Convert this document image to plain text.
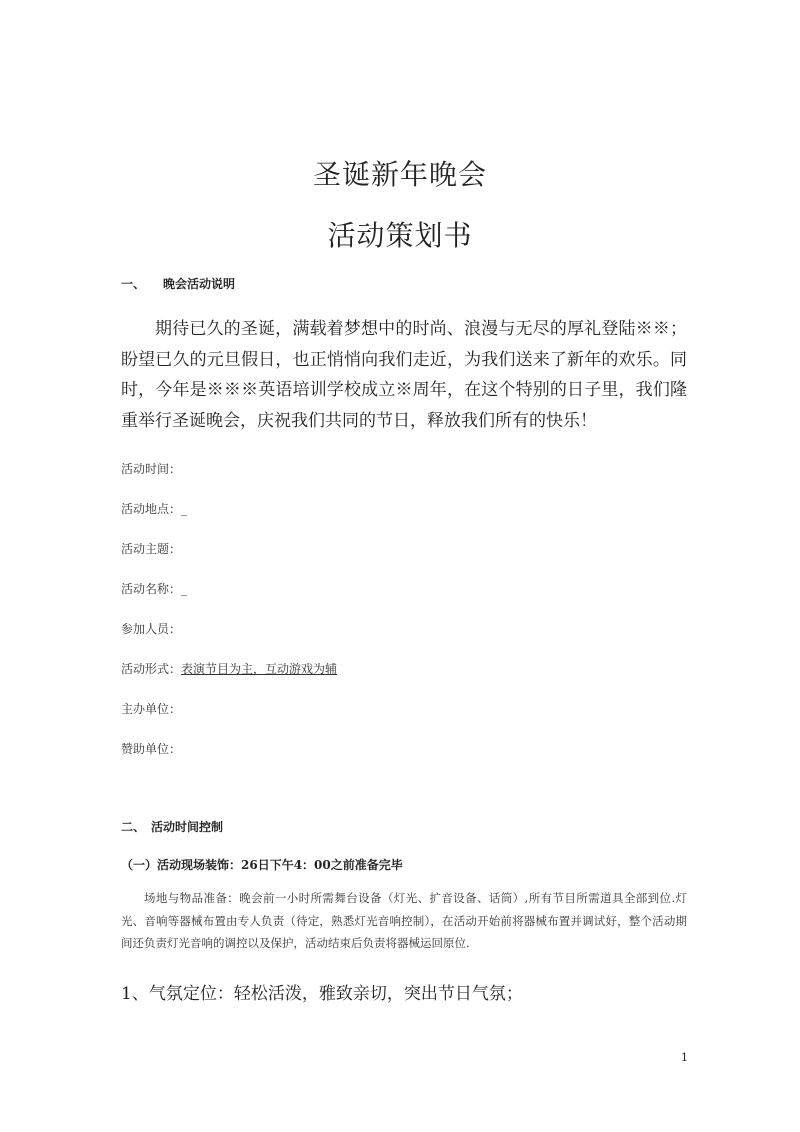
圣诞新年晚会
活动策划书
一、 晚会活动说明

期待已久的圣诞，满载着梦想中的时尚、浪漫与无尽的厚礼登陆※※；盼望已久的元旦假日，也正悄悄向我们走近，为我们送来了新年的欢乐。同时，今年是※※※英语培训学校成立※周年，在这个特别的日子里，我们隆重举行圣诞晚会，庆祝我们共同的节日，释放我们所有的快乐！

活动时间：
活动地点：_
活动主题：
活动名称：_
参加人员：
活动形式：表演节目为主，互动游戏为辅
主办单位：
赞助单位：
二、 活动时间控制
（一）活动现场装饰：26日下午4：00之前准备完毕

场地与物品准备：晚会前一小时所需舞台设备（灯光、扩音设备、话筒）,所有节目所需道具全部到位.灯光、音响等器械布置由专人负责（待定，熟悉灯光音响控制），在活动开始前将器械布置并调试好，整个活动期间还负责灯光音响的调控以及保护，活动结束后负责将器械运回原位.

1、气氛定位：轻松活泼，雅致亲切，突出节日气氛；
1
